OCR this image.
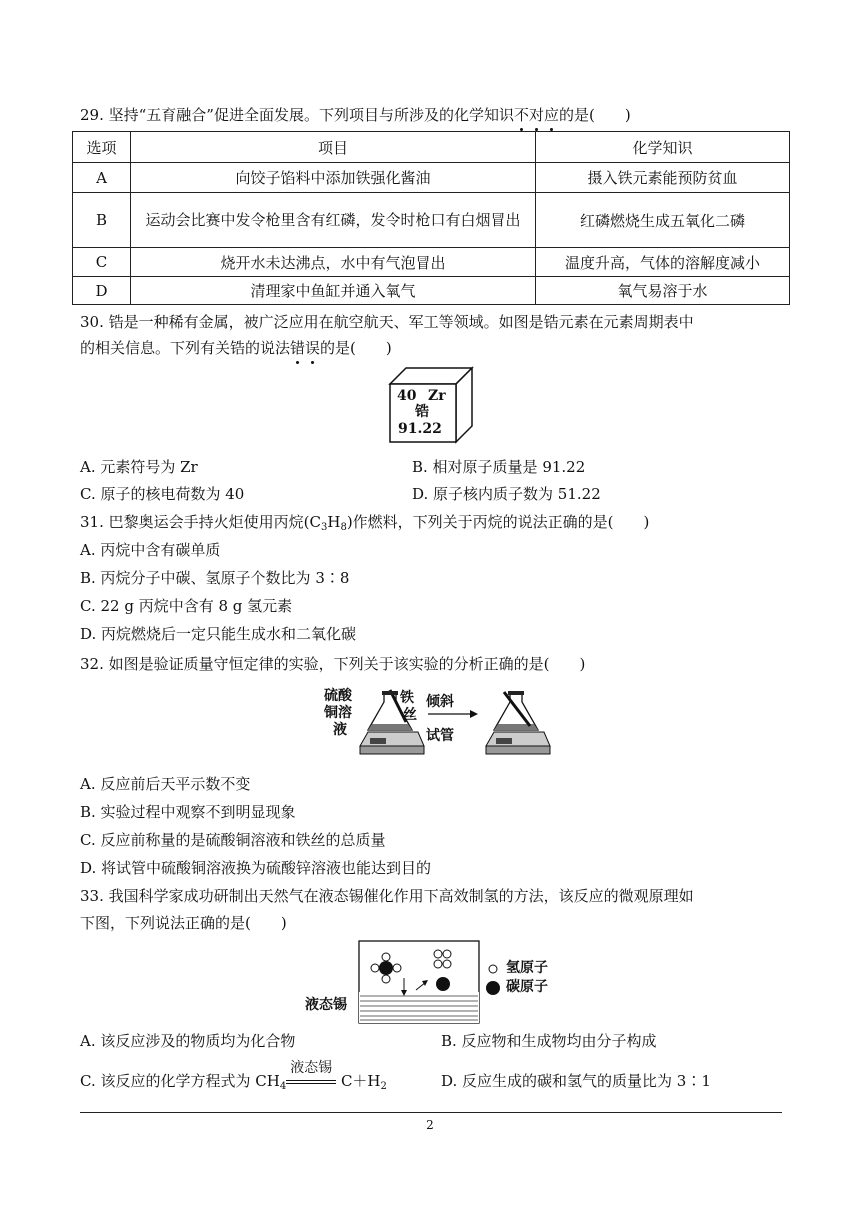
29. 坚持“五育融合”促进全面发展。下列项目与所涉及的化学知识不对应的是(　　)
选项	项目	化学知识
A	向饺子馅料中添加铁强化酱油	摄入铁元素能预防贫血
B	运动会比赛中发令枪里含有红磷，发令时枪口有白烟冒出	红磷燃烧生成五氧化二磷
C	烧开水未达沸点，水中有气泡冒出	温度升高，气体的溶解度减小
D	清理家中鱼缸并通入氧气	氧气易溶于水
30. 锆是一种稀有金属，被广泛应用在航空航天、军工等领域。如图是锆元素在元素周期表中
的相关信息。下列有关锆的说法错误的是(　　)
40 Zr
锆
91.22
A. 元素符号为 Zr	B. 相对原子质量是 91.22
C. 原子的核电荷数为 40	D. 原子核内质子数为 51.22
31. 巴黎奥运会手持火炬使用丙烷$(C_3H_8)$作燃料，下列关于丙烷的说法正确的是(　　)
A. 丙烷中含有碳单质
B. 丙烷分子中碳、氢原子个数比为 3∶8
C. 22 g 丙烷中含有 8 g 氢元素
D. 丙烷燃烧后一定只能生成水和二氧化碳
32. 如图是验证质量守恒定律的实验，下列关于该实验的分析正确的是(　　)
硫酸
铜溶
液
铁
丝
倾斜
试管
A. 反应前后天平示数不变
B. 实验过程中观察不到明显现象
C. 反应前称量的是硫酸铜溶液和铁丝的总质量
D. 将试管中硫酸铜溶液换为硫酸锌溶液也能达到目的
33. 我国科学家成功研制出天然气在液态锡催化作用下高效制氢的方法，该反应的微观原理如
下图，下列说法正确的是(　　)
氢原子
碳原子
液态锡
A. 该反应涉及的物质均为化合物	B. 反应物和生成物均由分子构成
C. 该反应的化学方程式为 $CH_4$
液态锡
$C+H_2$	D. 反应生成的碳和氢气的质量比为 3∶1
2
